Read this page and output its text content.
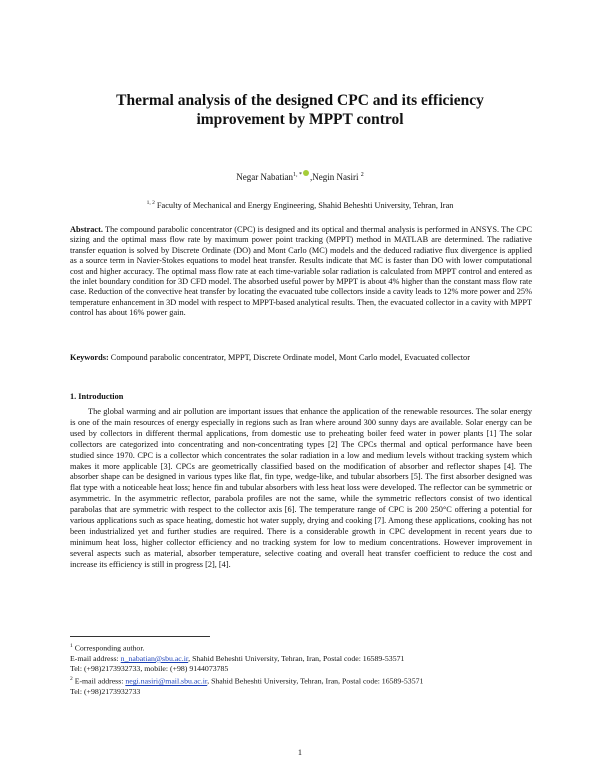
Thermal analysis of the designed CPC and its efficiency improvement by MPPT control
Negar Nabatian$^{1, *}$ ,Negin Nasiri $^2$
$^{1, 2}$ Faculty of Mechanical and Energy Engineering, Shahid Beheshti University, Tehran, Iran
Abstract. The compound parabolic concentrator (CPC) is designed and its optical and thermal analysis is performed in ANSYS. The CPC sizing and the optimal mass flow rate by maximum power point tracking (MPPT) method in MATLAB are determined. The radiative transfer equation is solved by Discrete Ordinate (DO) and Mont Carlo (MC) models and the deduced radiative flux divergence is applied as a source term in Navier-Stokes equations to model heat transfer. Results indicate that MC is faster than DO with lower computational cost and higher accuracy. The optimal mass flow rate at each time-variable solar radiation is calculated from MPPT control and entered as the inlet boundary condition for 3D CFD model. The absorbed useful power by MPPT is about 4% higher than the constant mass flow rate case. Reduction of the convective heat transfer by locating the evacuated tube collectors inside a cavity leads to 12% more power and 25% temperature enhancement in 3D model with respect to MPPT-based analytical results. Then, the evacuated collector in a cavity with MPPT control has about 16% power gain.
Keywords: Compound parabolic concentrator, MPPT, Discrete Ordinate model, Mont Carlo model, Evacuated collector
1. Introduction
The global warming and air pollution are important issues that enhance the application of the renewable resources. The solar energy is one of the main resources of energy especially in regions such as Iran where around 300 sunny days are available. Solar energy can be used by collectors in different thermal applications, from domestic use to preheating boiler feed water in power plants [1] The solar collectors are categorized into concentrating and non-concentrating types [2] The CPCs thermal and optical performance have been studied since 1970. CPC is a collector which concentrates the solar radiation in a low and medium levels without tracking system which makes it more applicable [3]. CPCs are geometrically classified based on the modification of absorber and reflector shapes [4]. The absorber shape can be designed in various types like flat, fin type, wedge-like, and tubular absorbers [5]. The first absorber designed was flat type with a noticeable heat loss; hence fin and tubular absorbers with less heat loss were developed. The reflector can be symmetric or asymmetric. In the asymmetric reflector, parabola profiles are not the same, while the symmetric reflectors consist of two identical parabolas that are symmetric with respect to the collector axis [6]. The temperature range of CPC is 200 250°C offering a potential for various applications such as space heating, domestic hot water supply, drying and cooking [7]. Among these applications, cooking has not been industrialized yet and further studies are required. There is a considerable growth in CPC development in recent years due to minimum heat loss, higher collector efficiency and no tracking system for low to medium concentrations. However improvement in several aspects such as material, absorber temperature, selective coating and overall heat transfer coefficient to reduce the cost and increase its efficiency is still in progress [2], [4].

$^1$ Corresponding author.

E-mail address: n_nabatian@sbu.ac.ir, Shahid Beheshti University, Tehran, Iran, Postal code: 16589-53571

Tel: (+98)2173932733, mobile: (+98) 9144073785

$^2$ E-mail address: negi.nasiri@mail.sbu.ac.ir, Shahid Beheshti University, Tehran, Iran, Postal code: 16589-53571

Tel: (+98)2173932733

1
